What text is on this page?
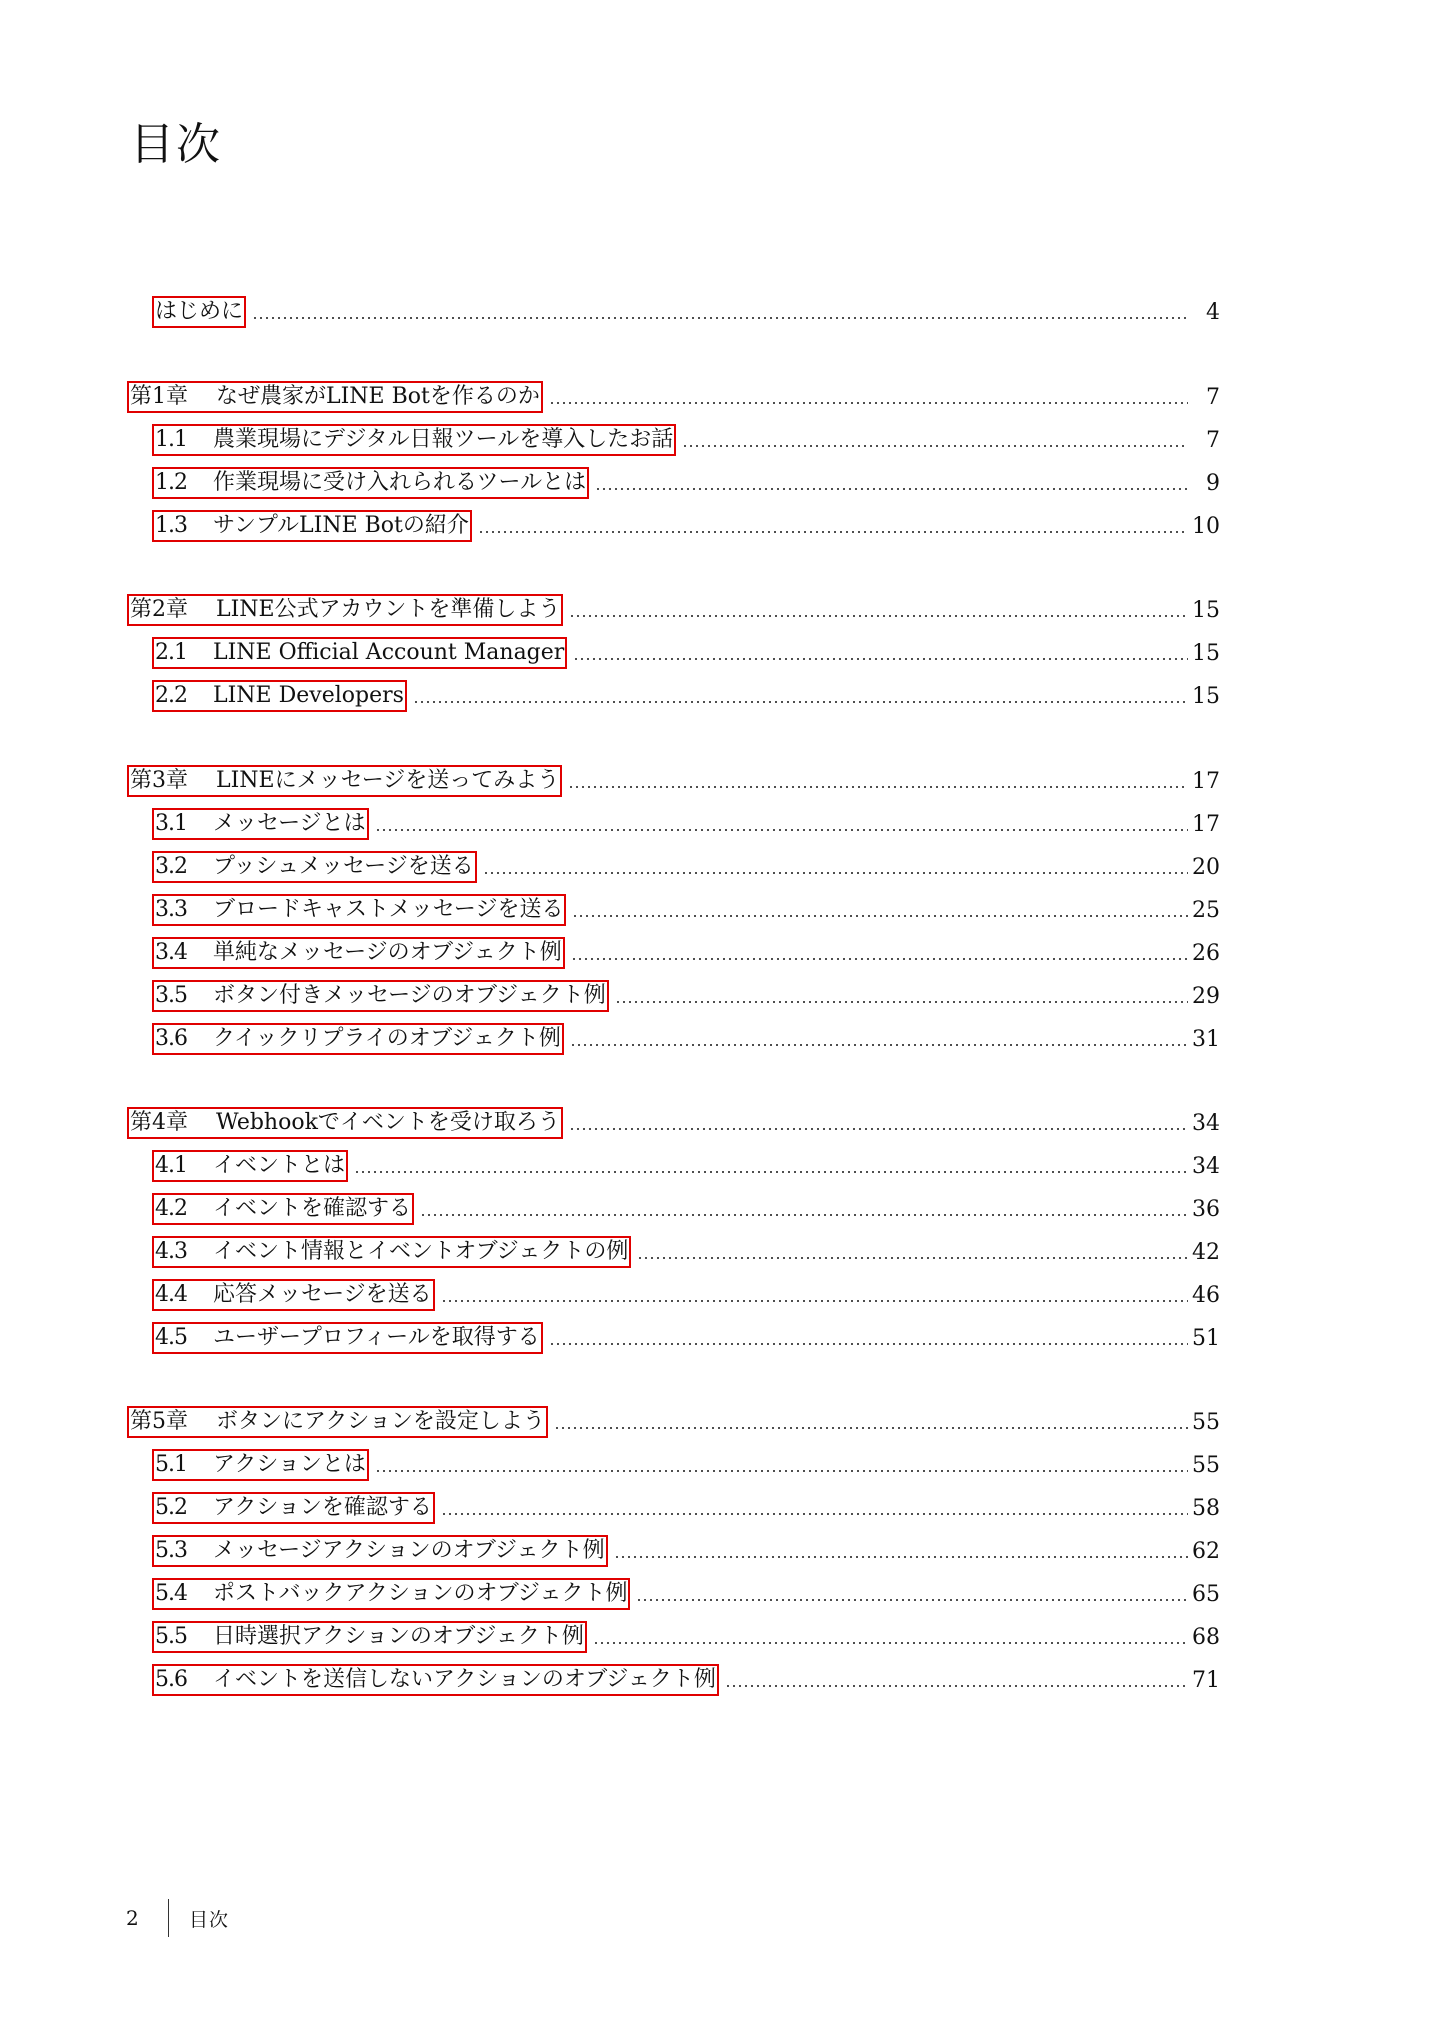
目次
はじめに	4
第1章 なぜ農家がLINE Botを作るのか	7
1.1 農業現場にデジタル日報ツールを導入したお話	7
1.2 作業現場に受け入れられるツールとは	9
1.3 サンプルLINE Botの紹介	10
第2章 LINE公式アカウントを準備しよう	15
2.1 LINE Official Account Manager	15
2.2 LINE Developers	15
第3章 LINEにメッセージを送ってみよう	17
3.1 メッセージとは	17
3.2 プッシュメッセージを送る	20
3.3 ブロードキャストメッセージを送る	25
3.4 単純なメッセージのオブジェクト例	26
3.5 ボタン付きメッセージのオブジェクト例	29
3.6 クイックリプライのオブジェクト例	31
第4章 Webhookでイベントを受け取ろう	34
4.1 イベントとは	34
4.2 イベントを確認する	36
4.3 イベント情報とイベントオブジェクトの例	42
4.4 応答メッセージを送る	46
4.5 ユーザープロフィールを取得する	51
第5章 ボタンにアクションを設定しよう	55
5.1 アクションとは	55
5.2 アクションを確認する	58
5.3 メッセージアクションのオブジェクト例	62
5.4 ポストバックアクションのオブジェクト例	65
5.5 日時選択アクションのオブジェクト例	68
5.6 イベントを送信しないアクションのオブジェクト例	71
2	目次
